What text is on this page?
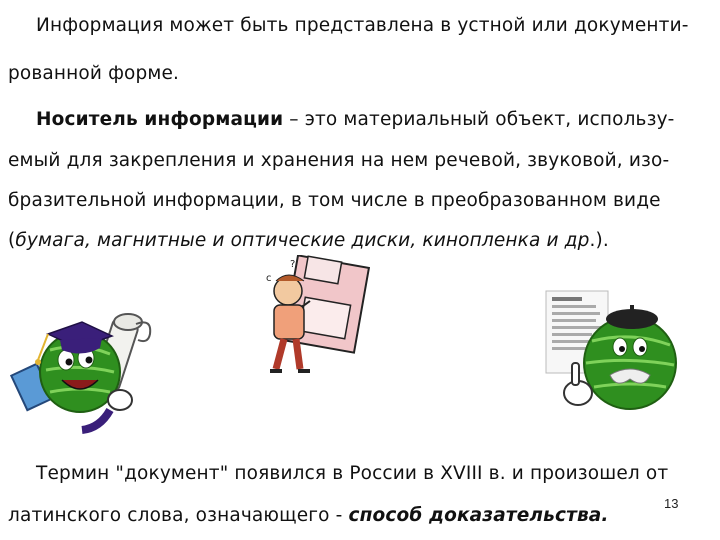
Информация может быть представлена в устной или документи-
рованной форме.
Носитель информации – это материальный объект, использу-
емый для закрепления и хранения на нем речевой, звуковой, изо-
бразительной информации, в том числе в преобразованном виде
(бумага, магнитные и оптические диски, кинопленка и др.).
c
?
Термин "документ" появился в России в XVIII в. и произошел от
латинского слова, означающего - способ доказательства.
13
